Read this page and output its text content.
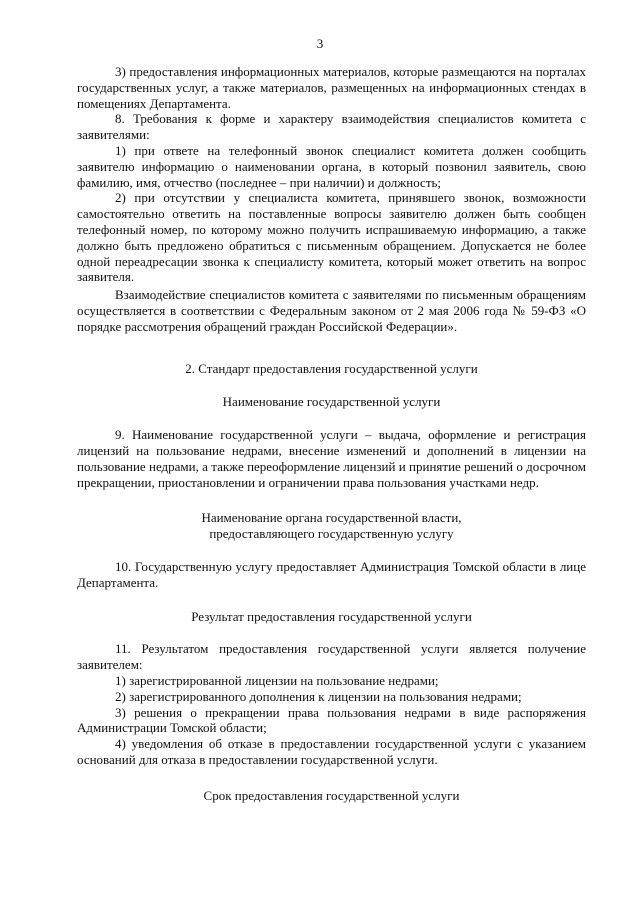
3

3) предоставления информационных материалов, которые размещаются на порталах государственных услуг, а также материалов, размещенных на информационных стендах в помещениях Департамента.

8. Требования к форме и характеру взаимодействия специалистов комитета с заявителями:

1) при ответе на телефонный звонок специалист комитета должен сообщить заявителю информацию о наименовании органа, в который позвонил заявитель, свою фамилию, имя, отчество (последнее – при наличии) и должность;

2) при отсутствии у специалиста комитета, принявшего звонок, возможности самостоятельно ответить на поставленные вопросы заявителю должен быть сообщен телефонный номер, по которому можно получить испрашиваемую информацию, а также должно быть предложено обратиться с письменным обращением. Допускается не более одной переадресации звонка к специалисту комитета, который может ответить на вопрос заявителя.

Взаимодействие специалистов комитета с заявителями по письменным обращениям осуществляется в соответствии с Федеральным законом от 2 мая 2006 года № 59-ФЗ «О порядке рассмотрения обращений граждан Российской Федерации».

2. Стандарт предоставления государственной услуги
Наименование государственной услуги

9. Наименование государственной услуги – выдача, оформление и регистрация лицензий на пользование недрами, внесение изменений и дополнений в лицензии на пользование недрами, а также переоформление лицензий и принятие решений о досрочном прекращении, приостановлении и ограничении права пользования участками недр.

Наименование органа государственной власти,
предоставляющего государственную услугу

10. Государственную услугу предоставляет Администрация Томской области в лице Департамента.

Результат предоставления государственной услуги

11. Результатом предоставления государственной услуги является получение заявителем:

1) зарегистрированной лицензии на пользование недрами;

2) зарегистрированного дополнения к лицензии на пользования недрами;

3) решения о прекращении права пользования недрами в виде распоряжения Администрации Томской области;

4) уведомления об отказе в предоставлении государственной услуги с указанием оснований для отказа в предоставлении государственной услуги.

Срок предоставления государственной услуги
